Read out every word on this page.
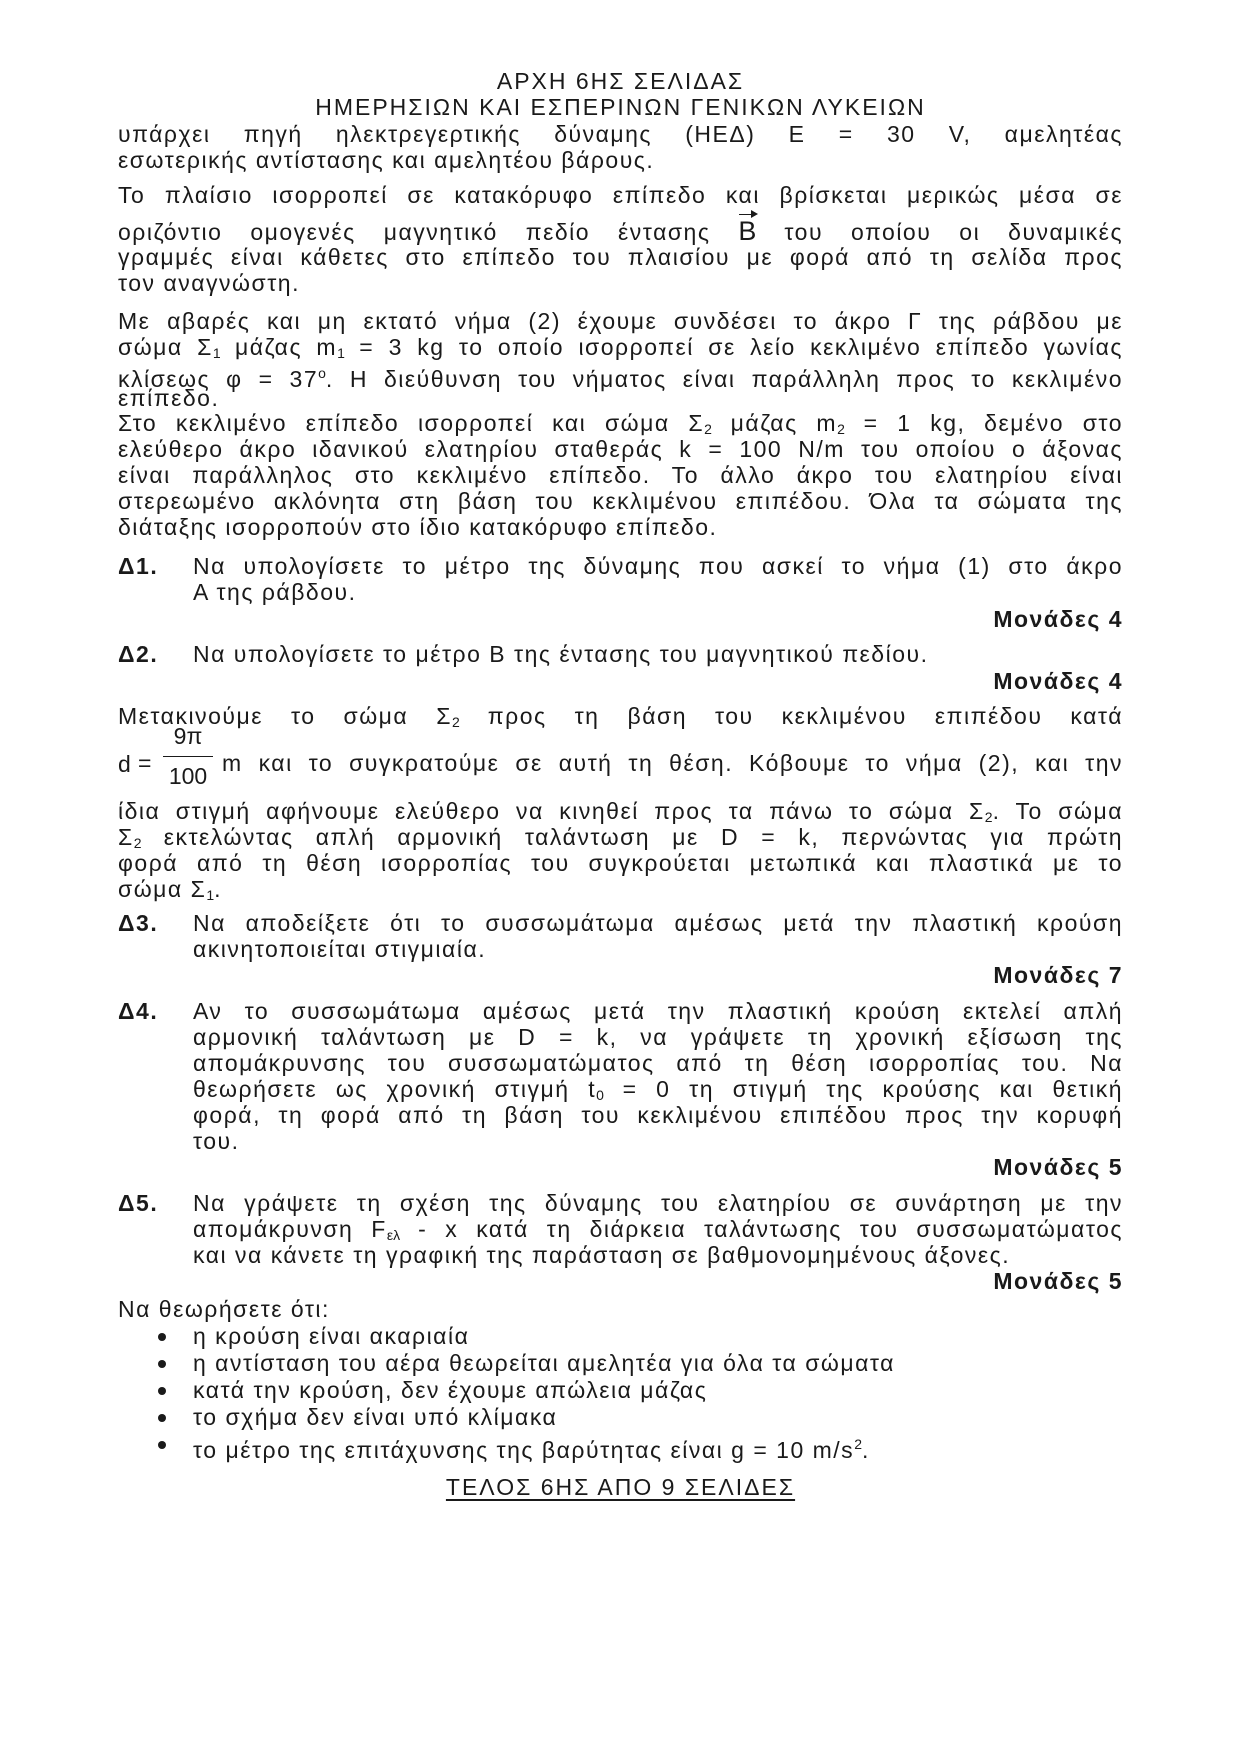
ΑΡΧΗ 6ΗΣ ΣΕΛΙΔΑΣ
ΗΜΕΡΗΣΙΩΝ ΚΑΙ ΕΣΠΕΡΙΝΩΝ ΓΕΝΙΚΩΝ ΛΥΚΕΙΩΝ
υπάρχει πηγή ηλεκτρεγερτικής δύναμης (ΗΕΔ) Ε = 30 V, αμελητέας
εσωτερικής αντίστασης και αμελητέου βάρους.
Το πλαίσιο ισορροπεί σε κατακόρυφο επίπεδο και βρίσκεται μερικώς μέσα σε
οριζόντιο ομογενές μαγνητικό πεδίο έντασης B του οποίου οι δυναμικές
γραμμές είναι κάθετες στο επίπεδο του πλαισίου με φορά από τη σελίδα προς
τον αναγνώστη.
Με αβαρές και μη εκτατό νήμα (2) έχουμε συνδέσει το άκρο Γ της ράβδου με
σώμα $\Sigma_1$ μάζας $m_1 = 3$ kg το οποίο ισορροπεί σε λείο κεκλιμένο επίπεδο γωνίας
κλίσεως $\varphi = 37^o$. Η διεύθυνση του νήματος είναι παράλληλη προς το κεκλιμένο
επίπεδο.
Στο κεκλιμένο επίπεδο ισορροπεί και σώμα $\Sigma_2$ μάζας $m_2 = 1$ kg, δεμένο στο
ελεύθερο άκρο ιδανικού ελατηρίου σταθεράς k = 100 N/m του οποίου ο άξονας
είναι παράλληλος στο κεκλιμένο επίπεδο. Το άλλο άκρο του ελατηρίου είναι
στερεωμένο ακλόνητα στη βάση του κεκλιμένου επιπέδου. Όλα τα σώματα της
διάταξης ισορροπούν στο ίδιο κατακόρυφο επίπεδο.
Δ1. Να υπολογίσετε το μέτρο της δύναμης που ασκεί το νήμα (1) στο άκρο
Α της ράβδου.
Μονάδες 4
Δ2. Να υπολογίσετε το μέτρο Β της έντασης του μαγνητικού πεδίου.
Μονάδες 4
Μετακινούμε το σώμα $\Sigma_2$ προς τη βάση του κεκλιμένου επιπέδου κατά
d =
9π
100 m και το συγκρατούμε σε αυτή τη θέση. Κόβουμε το νήμα (2), και την
ίδια στιγμή αφήνουμε ελεύθερο να κινηθεί προς τα πάνω το σώμα $\Sigma_2$. Το σώμα
$\Sigma_2$ εκτελώντας απλή αρμονική ταλάντωση με D = k, περνώντας για πρώτη
φορά από τη θέση ισορροπίας του συγκρούεται μετωπικά και πλαστικά με το
σώμα $\Sigma_1$.
Δ3. Να αποδείξετε ότι το συσσωμάτωμα αμέσως μετά την πλαστική κρούση
ακινητοποιείται στιγμιαία.
Μονάδες 7
Δ4. Αν το συσσωμάτωμα αμέσως μετά την πλαστική κρούση εκτελεί απλή
αρμονική ταλάντωση με D = k, να γράψετε τη χρονική εξίσωση της
απομάκρυνσης του συσσωματώματος από τη θέση ισορροπίας του. Να
θεωρήσετε ως χρονική στιγμή $t_0 = 0$ τη στιγμή της κρούσης και θετική
φορά, τη φορά από τη βάση του κεκλιμένου επιπέδου προς την κορυφή
του.
Μονάδες 5
Δ5. Να γράψετε τη σχέση της δύναμης του ελατηρίου σε συνάρτηση με την
απομάκρυνση $F_{\varepsilon\lambda}$ - x κατά τη διάρκεια ταλάντωσης του συσσωματώματος
και να κάνετε τη γραφική της παράσταση σε βαθμονομημένους άξονες.
Μονάδες 5
Να θεωρήσετε ότι:
η κρούση είναι ακαριαία
η αντίσταση του αέρα θεωρείται αμελητέα για όλα τα σώματα
κατά την κρούση, δεν έχουμε απώλεια μάζας
το σχήμα δεν είναι υπό κλίμακα
το μέτρο της επιτάχυνσης της βαρύτητας είναι g = 10 $m/s^2$.
ΤΕΛΟΣ 6ΗΣ ΑΠΟ 9 ΣΕΛΙΔΕΣ
